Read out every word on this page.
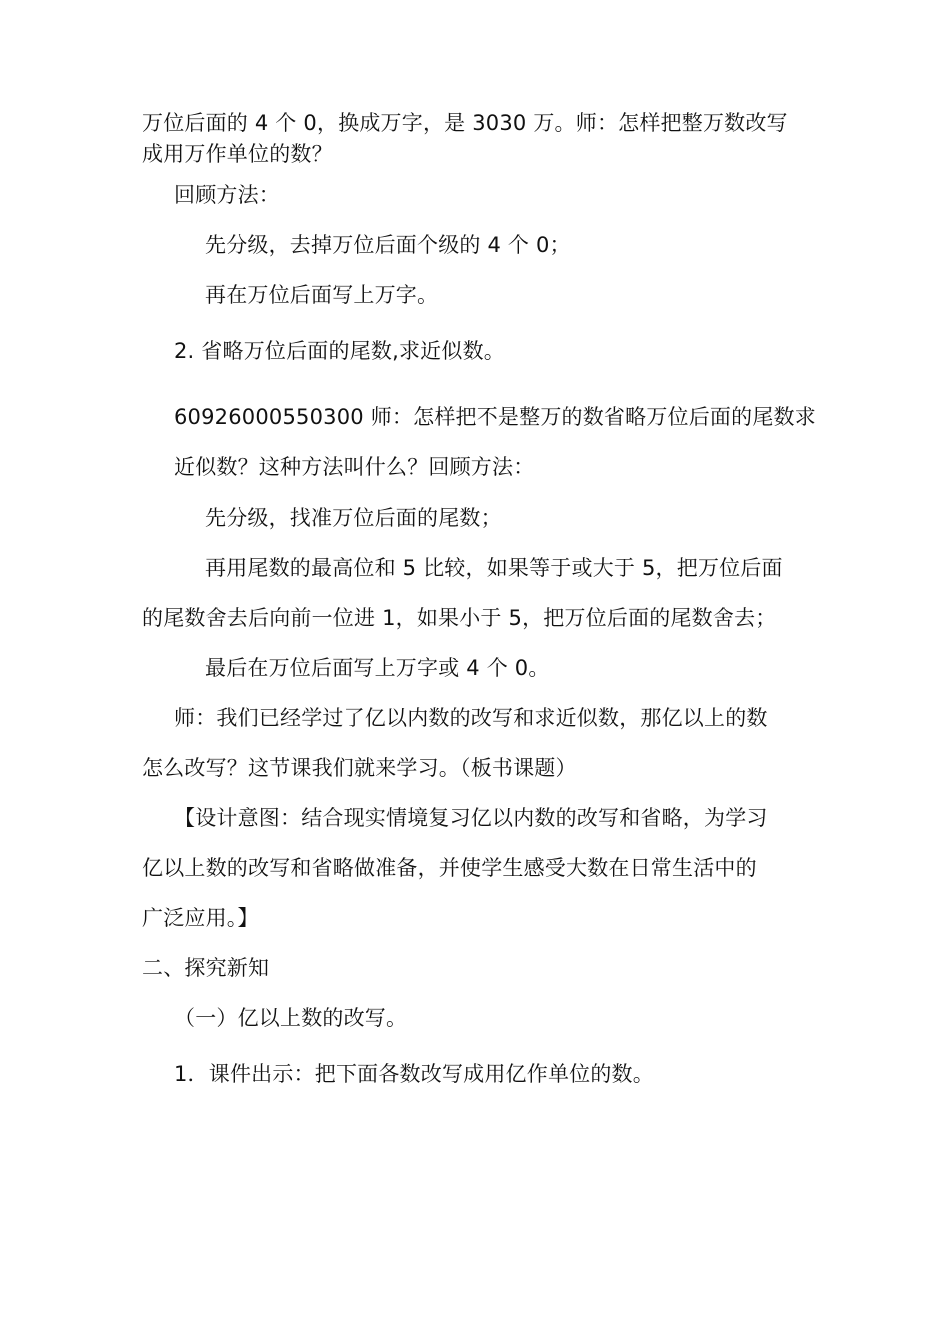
万位后面的 4 个 0，换成万字，是 3030 万。师：怎样把整万数改写
成用万作单位的数？
回顾方法：
先分级，去掉万位后面个级的 4 个 0；
再在万位后面写上万字。
2. 省略万位后面的尾数,求近似数。
60926000550300 师：怎样把不是整万的数省略万位后面的尾数求
近似数？这种方法叫什么？回顾方法：
先分级，找准万位后面的尾数；
再用尾数的最高位和 5 比较，如果等于或大于 5，把万位后面
的尾数舍去后向前一位进 1，如果小于 5，把万位后面的尾数舍去；
最后在万位后面写上万字或 4 个 0。
师：我们已经学过了亿以内数的改写和求近似数，那亿以上的数
怎么改写？这节课我们就来学习。（板书课题）
【设计意图：结合现实情境复习亿以内数的改写和省略，为学习
亿以上数的改写和省略做准备，并使学生感受大数在日常生活中的
广泛应用。】
二、探究新知
（一）亿以上数的改写。
1．课件出示：把下面各数改写成用亿作单位的数。
